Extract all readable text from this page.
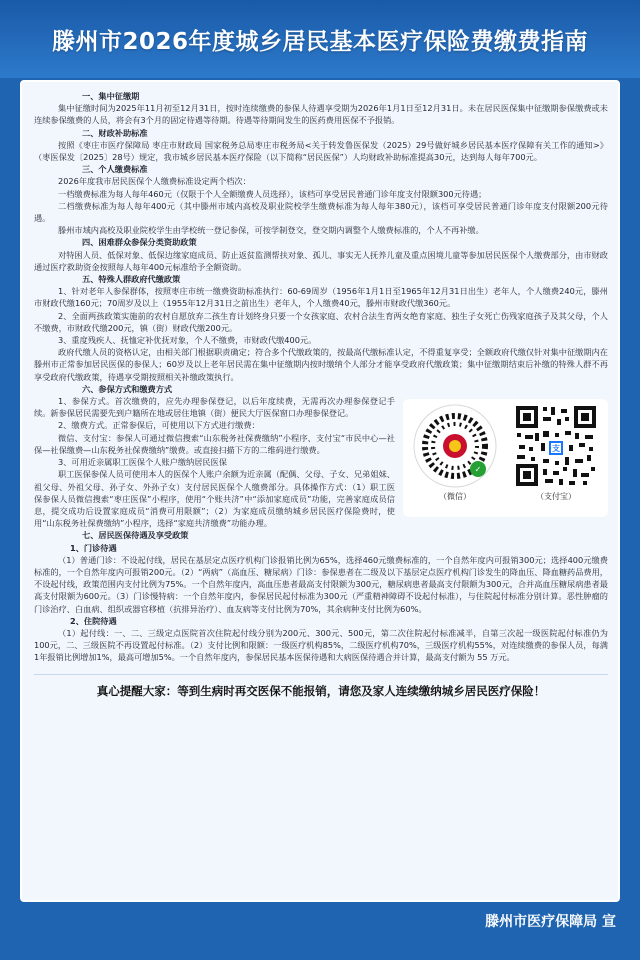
滕州市2026年度城乡居民基本医疗保险费缴费指南

一、集中征缴期

集中征缴时间为2025年11月初至12月31日，按时连续缴费的参保人待遇享受期为2026年1月1日至12月31日。未在居民医保集中征缴期参保缴费或未连续参保缴费的人员，将会有3个月的固定待遇等待期。待遇等待期间发生的医药费用医保不予报销。

二、财政补助标准

按照《枣庄市医疗保障局 枣庄市财政局 国家税务总局枣庄市税务局<关于转发鲁医保发（2025）29号做好城乡居民基本医疗保障有关工作的通知>》（枣医保发〔2025〕28号）规定，我市城乡居民基本医疗保险（以下简称“居民医保”）人均财政补助标准提高30元，达到每人每年700元。

三、个人缴费标准

2026年度我市居民医保个人缴费标准设定两个档次：

一档缴费标准为每人每年460元（仅限于个人全额缴费人员选择），该档可享受居民普通门诊年度支付限额300元待遇；

二档缴费标准为每人每年400元（其中滕州市域内高校及职业院校学生缴费标准为每人每年380元），该档可享受居民普通门诊年度支付限额200元待遇。

滕州市域内高校及职业院校学生由学校统一登记参保，可按学制登交，登交期内调整个人缴费标准的，个人不再补缴。

四、困难群众参保分类资助政策

对特困人员、低保对象、低保边缘家庭成员、防止返贫监测帮扶对象、孤儿、事实无人抚养儿童及重点困境儿童等参加居民医保个人缴费部分，由市财政通过医疗救助资金按照每人每年400元标准给予全额资助。

五、特殊人群政府代缴政策

1、针对老年人参保群体，按照枣庄市统一缴费资助标准执行：60-69周岁（1956年1月1日至1965年12月31日出生）老年人，个人缴费240元，滕州市财政代缴160元；70周岁及以上（1955年12月31日之前出生）老年人，个人缴费40元，滕州市财政代缴360元。

2、全面两孩政策实施前的农村自愿放弃二孩生育计划终身只要一个女孩家庭、农村合法生育两女绝育家庭、独生子女死亡伤残家庭孩子及其父母，个人不缴费，市财政代缴200元，镇（街）财政代缴200元。

3、重度残疾人、抚恤定补优抚对象，个人不缴费，市财政代缴400元。

政府代缴人员的资格认定，由相关部门根据职责确定；符合多个代缴政策的，按最高代缴标准认定，不得重复享受；全额政府代缴仅针对集中征缴期内在滕州市正常参加居民医保的参保人；60岁及以上老年居民需在集中征缴期内按时缴纳个人部分才能享受政府代缴政策；集中征缴期结束后补缴的特殊人群不再享受政府代缴政策，待遇享受期按照相关补缴政策执行。

六、参保方式和缴费方式

✓
（微信）
支
（支付宝）

1、参保方式。首次缴费的，应先办理参保登记，以后年度续费，无需再次办理参保登记手续。新参保居民需要先到户籍所在地或居住地镇（街）便民大厅医保窗口办理参保登记。

2、缴费方式。正常参保后，可使用以下方式进行缴费：

微信、支付宝：参保人可通过微信搜索“山东税务社保费缴纳”小程序、支付宝“市民中心—社保—社保缴费—山东税务社保费缴纳”缴费。或直接扫描下方的二维码进行缴费。

3、可用近亲属职工医保个人账户缴纳居民医保

职工医保参保人员可使用本人的医保个人账户余额为近亲属（配偶、父母、子女、兄弟姐妹、祖父母、外祖父母、孙子女、外孙子女）支付居民医保个人缴费部分。具体操作方式：（1）职工医保参保人员微信搜索“枣庄医保”小程序，使用“个账共济”中“添加家庭成员”功能，完善家庭成员信息，提交成功后设置家庭成员“消费可用限额”；（2）为家庭成员缴纳城乡居民医疗保险费时，使用“山东税务社保费缴纳”小程序，选择“家庭共济缴费”功能办理。

七、居民医保待遇及享受政策

1、门诊待遇

（1）普通门诊：不设起付线，居民在基层定点医疗机构门诊报销比例为65%，选择460元缴费标准的，一个自然年度内可报销300元；选择400元缴费标准的，一个自然年度内可报销200元。（2）“两病”（高血压、糖尿病）门诊：参保患者在二级及以下基层定点医疗机构门诊发生的降血压、降血糖药品费用，不设起付线，政策范围内支付比例为75%。一个自然年度内，高血压患者最高支付限额为300元，糖尿病患者最高支付限额为300元，合并高血压糖尿病患者最高支付限额为600元。（3）门诊慢特病：一个自然年度内，参保居民起付标准为300元（严重精神障碍不设起付标准），与住院起付标准分别计算。恶性肿瘤的门诊治疗、白血病、组织或器官移植（抗排异治疗）、血友病等支付比例为70%，其余病种支付比例为60%。

2、住院待遇

（1）起付线：一、二、三级定点医院首次住院起付线分别为200元、300元、500元，第二次住院起付标准减半，自第三次起一级医院起付标准仍为100元，二、三级医院不再设置起付标准。（2）支付比例和限额：一级医疗机构85%，二级医疗机构70%，三级医疗机构55%，对连续缴费的参保人员，每满1年报销比例增加1%，最高可增加5%。一个自然年度内，参保居民基本医保待遇和大病医保待遇合并计算，最高支付额为 55 万元。

真心提醒大家：等到生病时再交医保不能报销，请您及家人连续缴纳城乡居民医疗保险！
滕州市医疗保障局 宣
